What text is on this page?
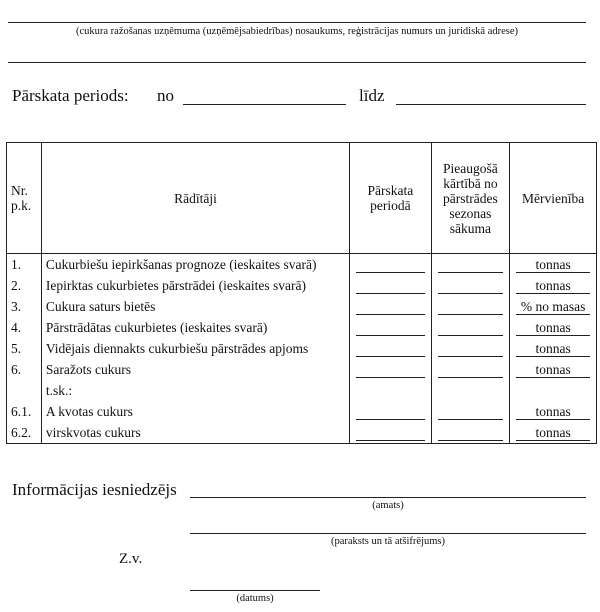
(cukura ražošanas uzņēmuma (uzņēmējsabiedrības) nosaukums, reģistrācijas numurs un juridiskā adrese)
Pārskata periods: no	līdz
Nr. p.k.	Rādītāji	Pārskata periodā	Pieaugošā kārtībā no pārstrādes sezonas sākuma	Mērvienība
1.	Cukurbiešu iepirkšanas prognoze (ieskaites svarā)			tonnas

2.	Iepirktas cukurbietes pārstrādei (ieskaites svarā)			tonnas

3.	Cukura saturs bietēs			% no masas

4.	Pārstrādātas cukurbietes (ieskaites svarā)			tonnas

5.	Vidējais diennakts cukurbiešu pārstrādes apjoms			tonnas

6.	Saražots cukurs			tonnas

	t.sk.:			
6.1.	A kvotas cukurs			tonnas

6.2.	virskvotas cukurs			tonnas
Informācijas iesniedzējs
(amats)
(paraksts un tā atšifrējums)
Z.v.
(datums)
